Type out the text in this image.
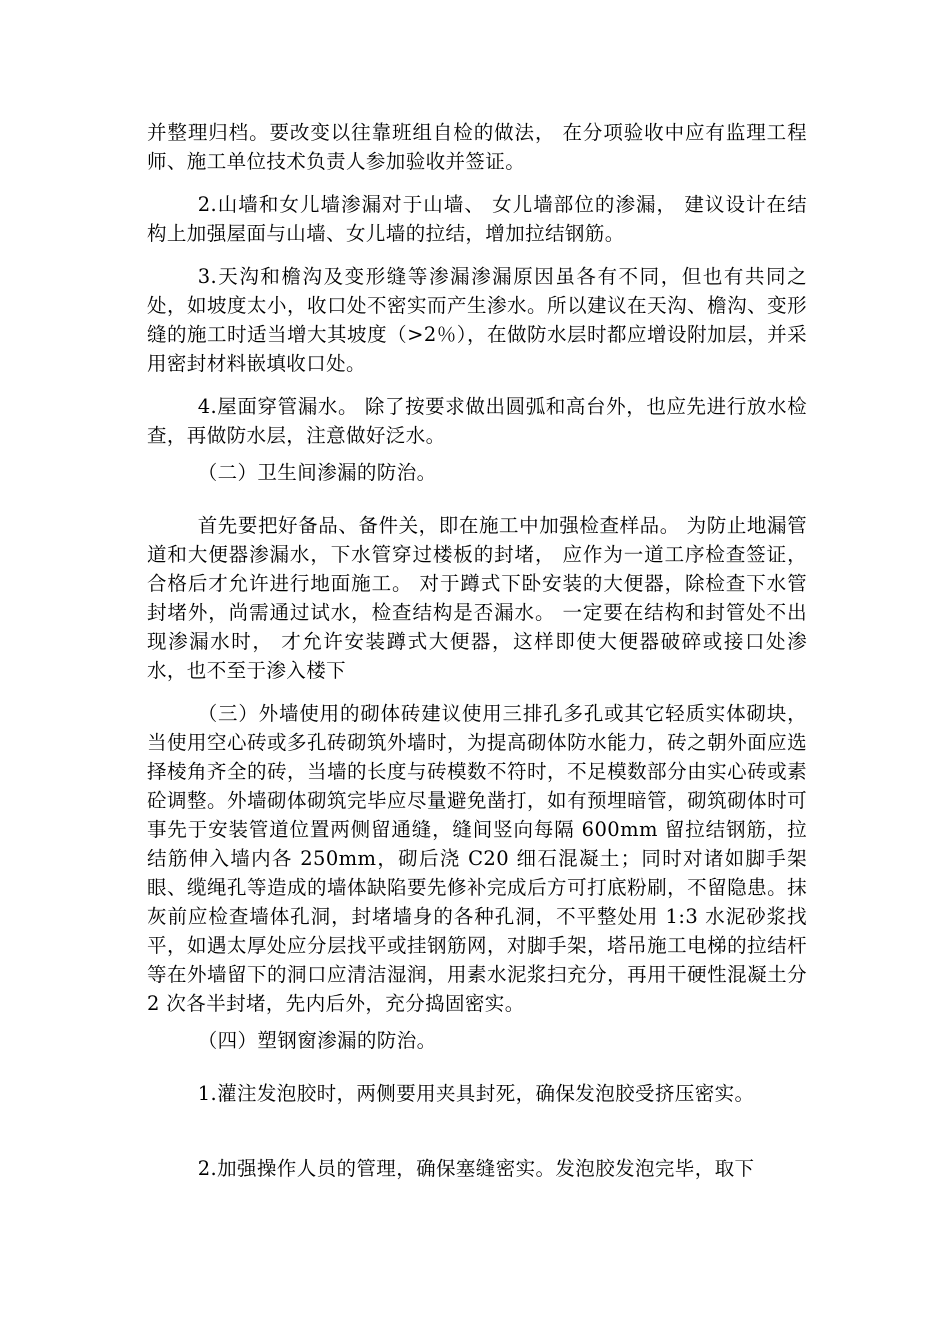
并整理归档。要改变以往靠班组自检的做法， 在分项验收中应有监理工程师、施工单位技术负责人参加验收并签证。

2.山墙和女儿墙渗漏对于山墙、 女儿墙部位的渗漏， 建议设计在结构上加强屋面与山墙、女儿墙的拉结，增加拉结钢筋。

3.天沟和檐沟及变形缝等渗漏渗漏原因虽各有不同，但也有共同之处，如坡度太小，收口处不密实而产生渗水。所以建议在天沟、檐沟、变形缝的施工时适当增大其坡度（>2％），在做防水层时都应增设附加层，并采用密封材料嵌填收口处。

4.屋面穿管漏水。 除了按要求做出圆弧和高台外，也应先进行放水检查，再做防水层，注意做好泛水。

（二）卫生间渗漏的防治。

首先要把好备品、备件关，即在施工中加强检查样品。 为防止地漏管道和大便器渗漏水，下水管穿过楼板的封堵， 应作为一道工序检查签证，合格后才允许进行地面施工。 对于蹲式下卧安装的大便器，除检查下水管封堵外，尚需通过试水，检查结构是否漏水。 一定要在结构和封管处不出现渗漏水时， 才允许安装蹲式大便器，这样即使大便器破碎或接口处渗水，也不至于渗入楼下

（三）外墙使用的砌体砖建议使用三排孔多孔或其它轻质实体砌块，当使用空心砖或多孔砖砌筑外墙时，为提高砌体防水能力，砖之朝外面应选择棱角齐全的砖，当墙的长度与砖模数不符时，不足模数部分由实心砖或素砼调整。外墙砌体砌筑完毕应尽量避免凿打，如有预埋暗管，砌筑砌体时可事先于安装管道位置两侧留通缝，缝间竖向每隔 600mm 留拉结钢筋，拉结筋伸入墙内各 250mm，砌后浇 C20 细石混凝土；同时对诸如脚手架眼、缆绳孔等造成的墙体缺陷要先修补完成后方可打底粉刷，不留隐患。抹灰前应检查墙体孔洞，封堵墙身的各种孔洞，不平整处用 1:3 水泥砂浆找平，如遇太厚处应分层找平或挂钢筋网，对脚手架，塔吊施工电梯的拉结杆等在外墙留下的洞口应清洁湿润，用素水泥浆扫充分，再用干硬性混凝土分 2 次各半封堵，先内后外，充分捣固密实。

（四）塑钢窗渗漏的防治。

1.灌注发泡胶时，两侧要用夹具封死，确保发泡胶受挤压密实。

2.加强操作人员的管理，确保塞缝密实。发泡胶发泡完毕，取下
